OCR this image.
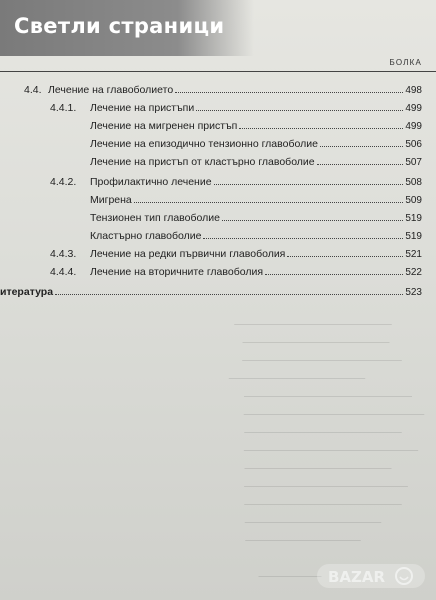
Светли страници
БОЛКА
4.4. Лечение на главоболието	498
4.4.1.	Лечение на пристъпи	499
Лечение на мигренен пристъп	499
Лечение на епизодично тензионно главоболие	506
Лечение на пристъп от кластърно главоболие	507
4.4.2.	Профилактично лечение	508
Мигрена	509
Тензионен тип главоболие	519
Кластърно главоболие	519
4.4.3.	Лечение на редки първични главоболия	521
4.4.4.	Лечение на вторичните главоболия	522
итература	523
BAZAR
